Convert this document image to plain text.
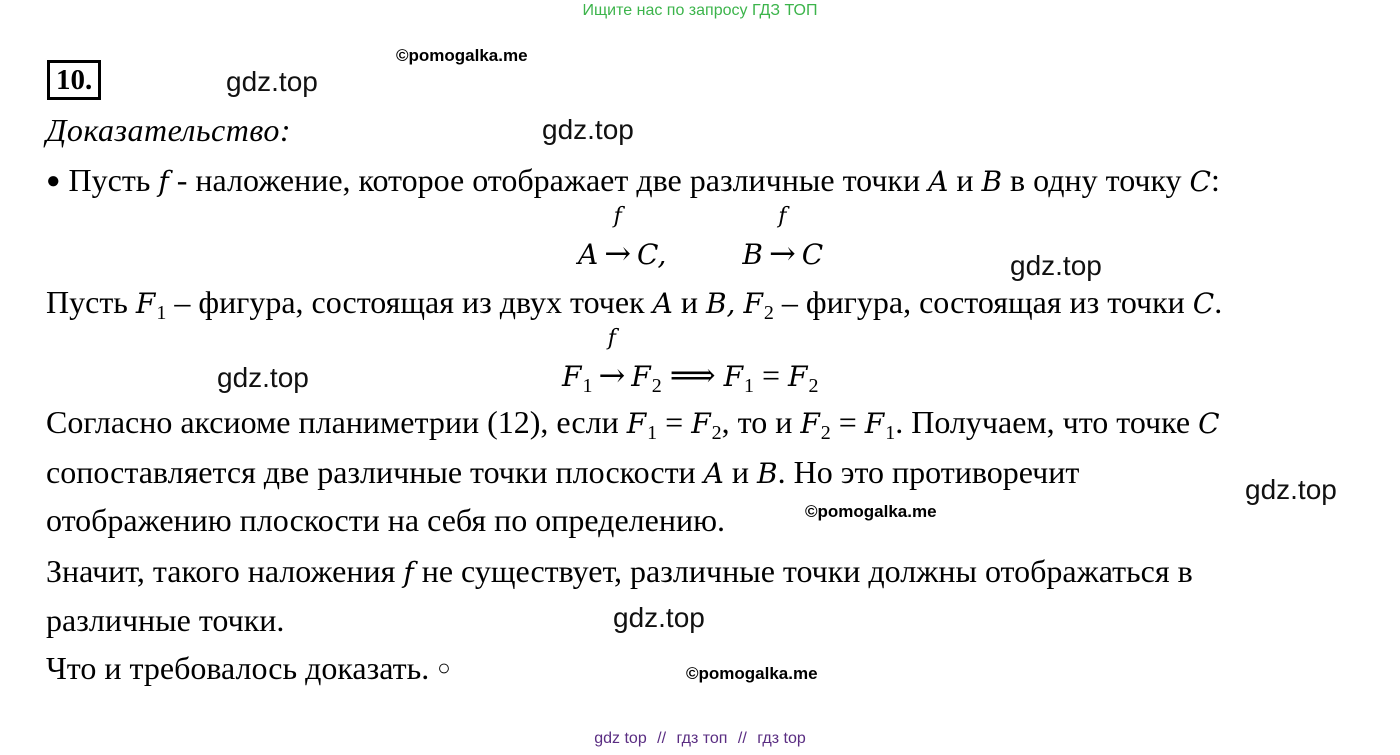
Ищите нас по запросу ГДЗ ТОП
©pomogalka.me
gdz.top
gdz.top
gdz.top
gdz.top
gdz.top
©pomogalka.me
gdz.top
©pomogalka.me
10.
Доказательство:
● Пусть f - наложение, которое отображает две различные точки A и B в одну точку C:
A
f
→ C,	B
f
→ C
Пусть $F_1$ – фигура, состоящая из двух точек A и B, $F_2$ – фигура, состоящая из точки C.
$F_1$
f
→ $F_2$ ⟹ $F_1 = F_2$
Согласно аксиоме планиметрии (12), если $F_1 = F_2$, то и $F_2 = F_1$. Получаем, что точке C
сопоставляется две различные точки плоскости A и B. Но это противоречит
отображению плоскости на себя по определению.
Значит, такого наложения f не существует, различные точки должны отображаться в
различные точки.
Что и требовалось доказать. ○
gdz top // гдз топ // гдз top
